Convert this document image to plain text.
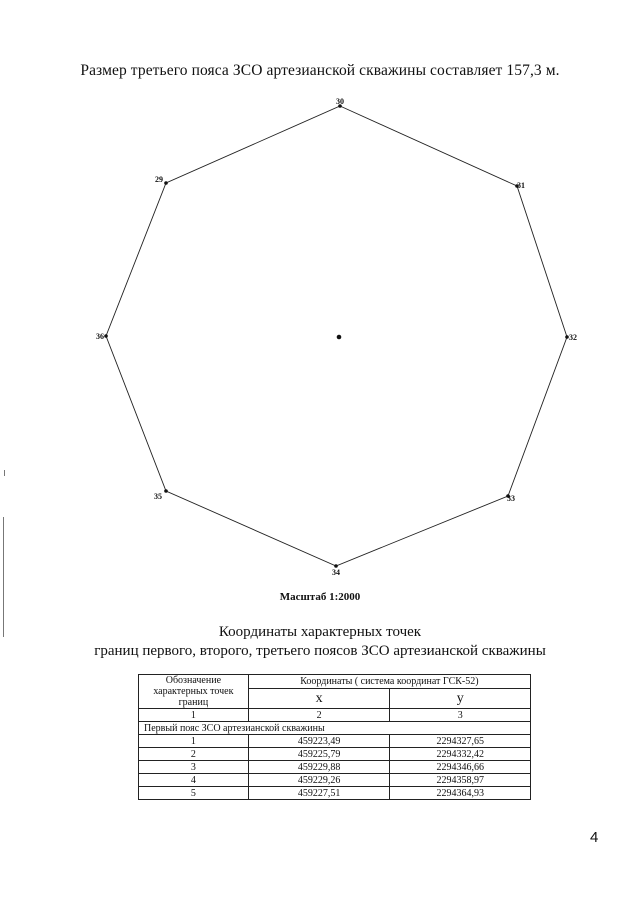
Размер третьего пояса ЗСО артезианской скважины составляет 157,3 м.
30
31
32
33
34
35
36
29
Масштаб 1:2000
Координаты характерных точек
границ первого, второго, третьего поясов ЗСО артезианской скважины
Обозначение характерных точек границ	Координаты ( система координат ГСК-52)	
	x	y
1	2	3
Первый пояс ЗСО артезианской скважины		
1	459223,49	2294327,65
2	459225,79	2294332,42
3	459229,88	2294346,66
4	459229,26	2294358,97
5	459227,51	2294364,93
4
